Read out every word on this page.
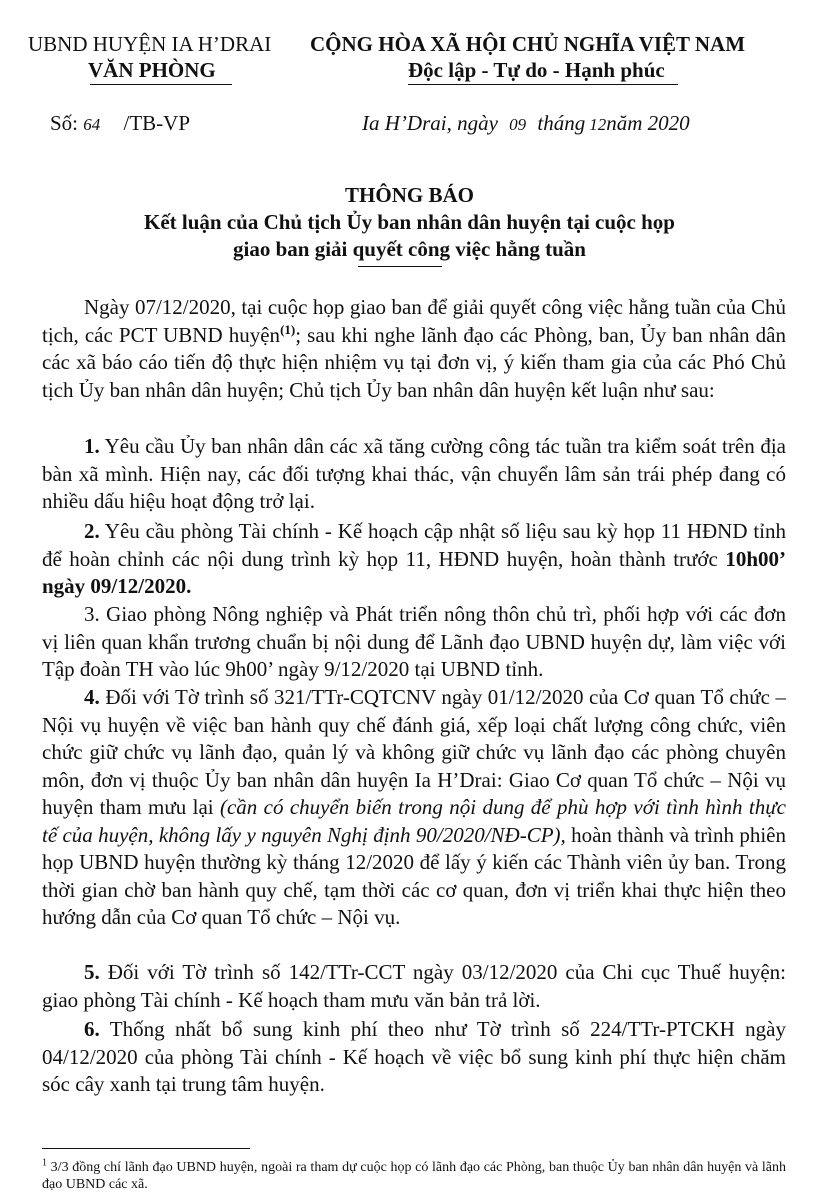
UBND HUYỆN IA H’DRAI
VĂN PHÒNG
CỘNG HÒA XÃ HỘI CHỦ NGHĨA VIỆT NAM
Độc lập - Tự do - Hạnh phúc
Số: 64 /TB-VP	Ia H’Drai, ngày 09 tháng 12năm 2020
THÔNG BÁO
Kết luận của Chủ tịch Ủy ban nhân dân huyện tại cuộc họp
giao ban giải quyết công việc hằng tuần
Ngày 07/12/2020, tại cuộc họp giao ban để giải quyết công việc hằng tuần của Chủ tịch, các PCT UBND huyện$^{(1)}$; sau khi nghe lãnh đạo các Phòng, ban, Ủy ban nhân dân các xã báo cáo tiến độ thực hiện nhiệm vụ tại đơn vị, ý kiến tham gia của các Phó Chủ tịch Ủy ban nhân dân huyện; Chủ tịch Ủy ban nhân dân huyện kết luận như sau:
1. Yêu cầu Ủy ban nhân dân các xã tăng cường công tác tuần tra kiểm soát trên địa bàn xã mình. Hiện nay, các đối tượng khai thác, vận chuyển lâm sản trái phép đang có nhiều dấu hiệu hoạt động trở lại.
2. Yêu cầu phòng Tài chính - Kế hoạch cập nhật số liệu sau kỳ họp 11 HĐND tỉnh để hoàn chỉnh các nội dung trình kỳ họp 11, HĐND huyện, hoàn thành trước 10h00’ ngày 09/12/2020.
3. Giao phòng Nông nghiệp và Phát triển nông thôn chủ trì, phối hợp với các đơn vị liên quan khẩn trương chuẩn bị nội dung để Lãnh đạo UBND huyện dự, làm việc với Tập đoàn TH vào lúc 9h00’ ngày 9/12/2020 tại UBND tỉnh.
4. Đối với Tờ trình số 321/TTr-CQTCNV ngày 01/12/2020 của Cơ quan Tổ chức – Nội vụ huyện về việc ban hành quy chế đánh giá, xếp loại chất lượng công chức, viên chức giữ chức vụ lãnh đạo, quản lý và không giữ chức vụ lãnh đạo các phòng chuyên môn, đơn vị thuộc Ủy ban nhân dân huyện Ia H’Drai: Giao Cơ quan Tổ chức – Nội vụ huyện tham mưu lại (cần có chuyển biến trong nội dung để phù hợp với tình hình thực tế của huyện, không lấy y nguyên Nghị định 90/2020/NĐ-CP), hoàn thành và trình phiên họp UBND huyện thường kỳ tháng 12/2020 để lấy ý kiến các Thành viên ủy ban. Trong thời gian chờ ban hành quy chế, tạm thời các cơ quan, đơn vị triển khai thực hiện theo hướng dẫn của Cơ quan Tổ chức – Nội vụ.
5. Đối với Tờ trình số 142/TTr-CCT ngày 03/12/2020 của Chi cục Thuế huyện: giao phòng Tài chính - Kế hoạch tham mưu văn bản trả lời.
6. Thống nhất bổ sung kinh phí theo như Tờ trình số 224/TTr-PTCKH ngày 04/12/2020 của phòng Tài chính - Kế hoạch về việc bổ sung kinh phí thực hiện chăm sóc cây xanh tại trung tâm huyện.
$^1$ 3/3 đồng chí lãnh đạo UBND huyện, ngoài ra tham dự cuộc họp có lãnh đạo các Phòng, ban thuộc Ủy ban nhân dân huyện và lãnh đạo UBND các xã.
